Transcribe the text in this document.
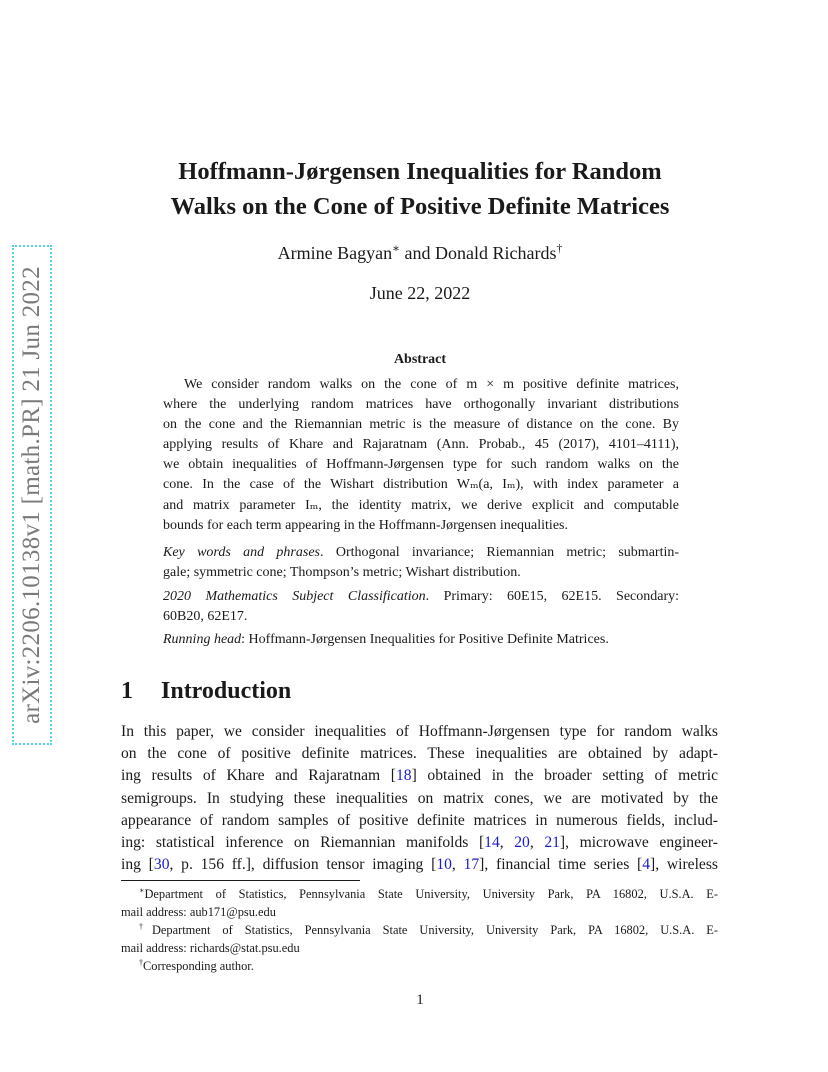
arXiv:2206.10138v1 [math.PR] 21 Jun 2022
Hoffmann-Jørgensen Inequalities for Random
Walks on the Cone of Positive Definite Matrices
Armine Bagyan∗ and Donald Richards†
June 22, 2022
Abstract
We consider random walks on the cone of m × m positive definite matrices,
where the underlying random matrices have orthogonally invariant distributions
on the cone and the Riemannian metric is the measure of distance on the cone. By
applying results of Khare and Rajaratnam (Ann. Probab., 45 (2017), 4101–4111),
we obtain inequalities of Hoffmann-Jørgensen type for such random walks on the
cone. In the case of the Wishart distribution Wₘ(a, Iₘ), with index parameter a
and matrix parameter Iₘ, the identity matrix, we derive explicit and computable
bounds for each term appearing in the Hoffmann-Jørgensen inequalities.
Key words and phrases. Orthogonal invariance; Riemannian metric; submartin-
gale; symmetric cone; Thompson’s metric; Wishart distribution.
2020 Mathematics Subject Classification. Primary: 60E15, 62E15. Secondary:
60B20, 62E17.
Running head: Hoffmann-Jørgensen Inequalities for Positive Definite Matrices.
1 Introduction
In this paper, we consider inequalities of Hoffmann-Jørgensen type for random walks
on the cone of positive definite matrices. These inequalities are obtained by adapt-
ing results of Khare and Rajaratnam [18] obtained in the broader setting of metric
semigroups. In studying these inequalities on matrix cones, we are motivated by the
appearance of random samples of positive definite matrices in numerous fields, includ-
ing: statistical inference on Riemannian manifolds [14, 20, 21], microwave engineer-
ing [30, p. 156 ff.], diffusion tensor imaging [10, 17], financial time series [4], wireless
∗Department of Statistics, Pennsylvania State University, University Park, PA 16802, U.S.A. E-
mail address: aub171@psu.edu
†Department of Statistics, Pennsylvania State University, University Park, PA 16802, U.S.A. E-
mail address: richards@stat.psu.edu
†Corresponding author.
1
